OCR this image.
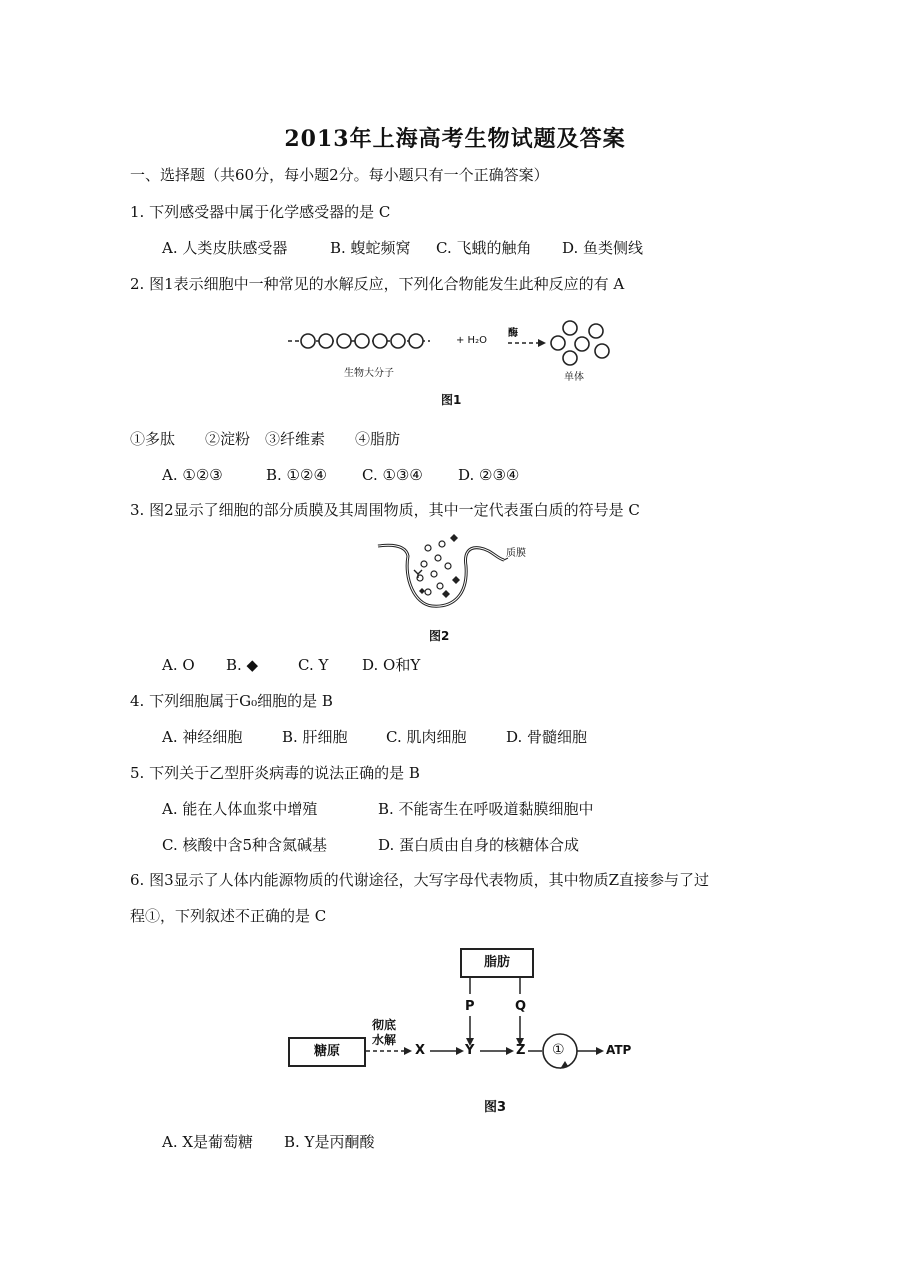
2013年上海高考生物试题及答案
一、选择题（共60分，每小题2分。每小题只有一个正确答案）
1. 下列感受器中属于化学感受器的是 C
A. 人类皮肤感受器	B. 蝮蛇频窝 C. 飞蛾的触角 D. 鱼类侧线
2. 图1表示细胞中一种常见的水解反应，下列化合物能发生此种反应的有 A
生物大分子
+ H₂O
酶
单体
图1
①多肽　　②淀粉　③纤维素　　④脂肪
A. ①②③	B. ①②④ C. ①③④ D. ②③④
3. 图2显示了细胞的部分质膜及其周围物质，其中一定代表蛋白质的符号是 C
质膜
图2
A. O B. ◆	C. Y D. O和Y
4. 下列细胞属于G₀细胞的是 B
A. 神经细胞	B. 肝细胞	C. 肌肉细胞	D. 骨髓细胞
5. 下列关于乙型肝炎病毒的说法正确的是 B
A. 能在人体血浆中增殖	B. 不能寄生在呼吸道黏膜细胞中
C. 核酸中含5种含氮碱基	D. 蛋白质由自身的核糖体合成
6. 图3显示了人体内能源物质的代谢途径，大写字母代表物质，其中物质Z直接参与了过
程①，下列叙述不正确的是 C
脂肪
糖原
彻底
水解
X	Y	Z
P	Q
①	ATP
图3
A. X是葡萄糖 B. Y是丙酮酸
